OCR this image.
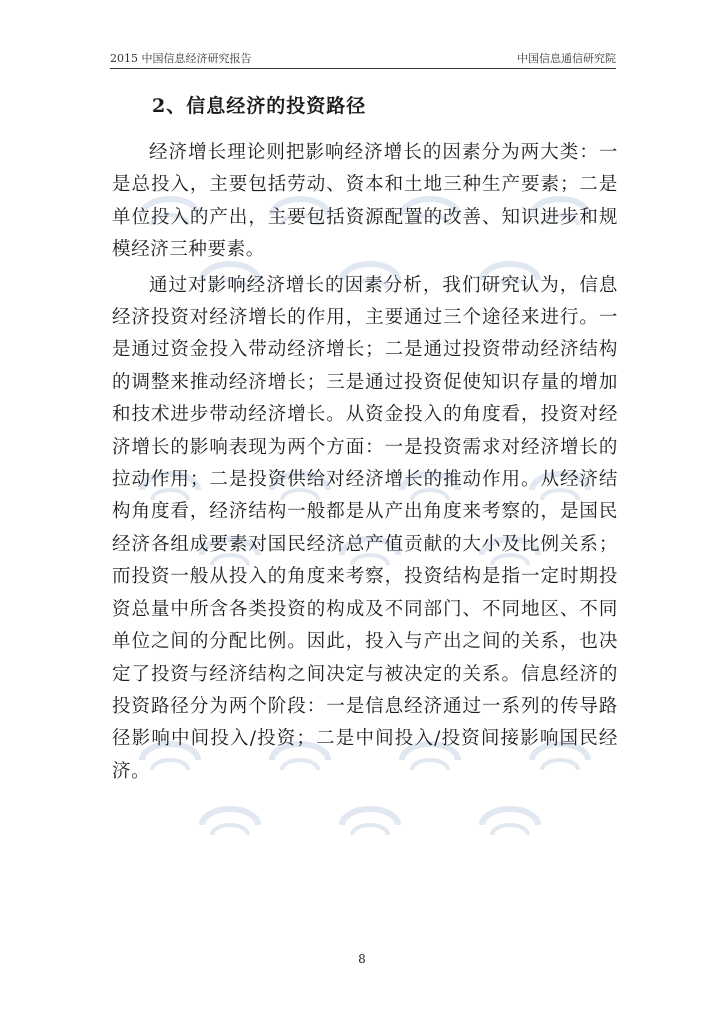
2015 中国信息经济研究报告	中国信息通信研究院
2、信息经济的投资路径

经济增长理论则把影响经济增长的因素分为两大类：一是总投入，主要包括劳动、资本和土地三种生产要素；二是单位投入的产出，主要包括资源配置的改善、知识进步和规模经济三种要素。

通过对影响经济增长的因素分析，我们研究认为，信息经济投资对经济增长的作用，主要通过三个途径来进行。一是通过资金投入带动经济增长；二是通过投资带动经济结构的调整来推动经济增长；三是通过投资促使知识存量的增加和技术进步带动经济增长。从资金投入的角度看，投资对经济增长的影响表现为两个方面：一是投资需求对经济增长的拉动作用；二是投资供给对经济增长的推动作用。从经济结构角度看，经济结构一般都是从产出角度来考察的，是国民经济各组成要素对国民经济总产值贡献的大小及比例关系；而投资一般从投入的角度来考察，投资结构是指一定时期投资总量中所含各类投资的构成及不同部门、不同地区、不同单位之间的分配比例。因此，投入与产出之间的关系，也决定了投资与经济结构之间决定与被决定的关系。信息经济的投资路径分为两个阶段：一是信息经济通过一系列的传导路径影响中间投入/投资；二是中间投入/投资间接影响国民经济。

8
